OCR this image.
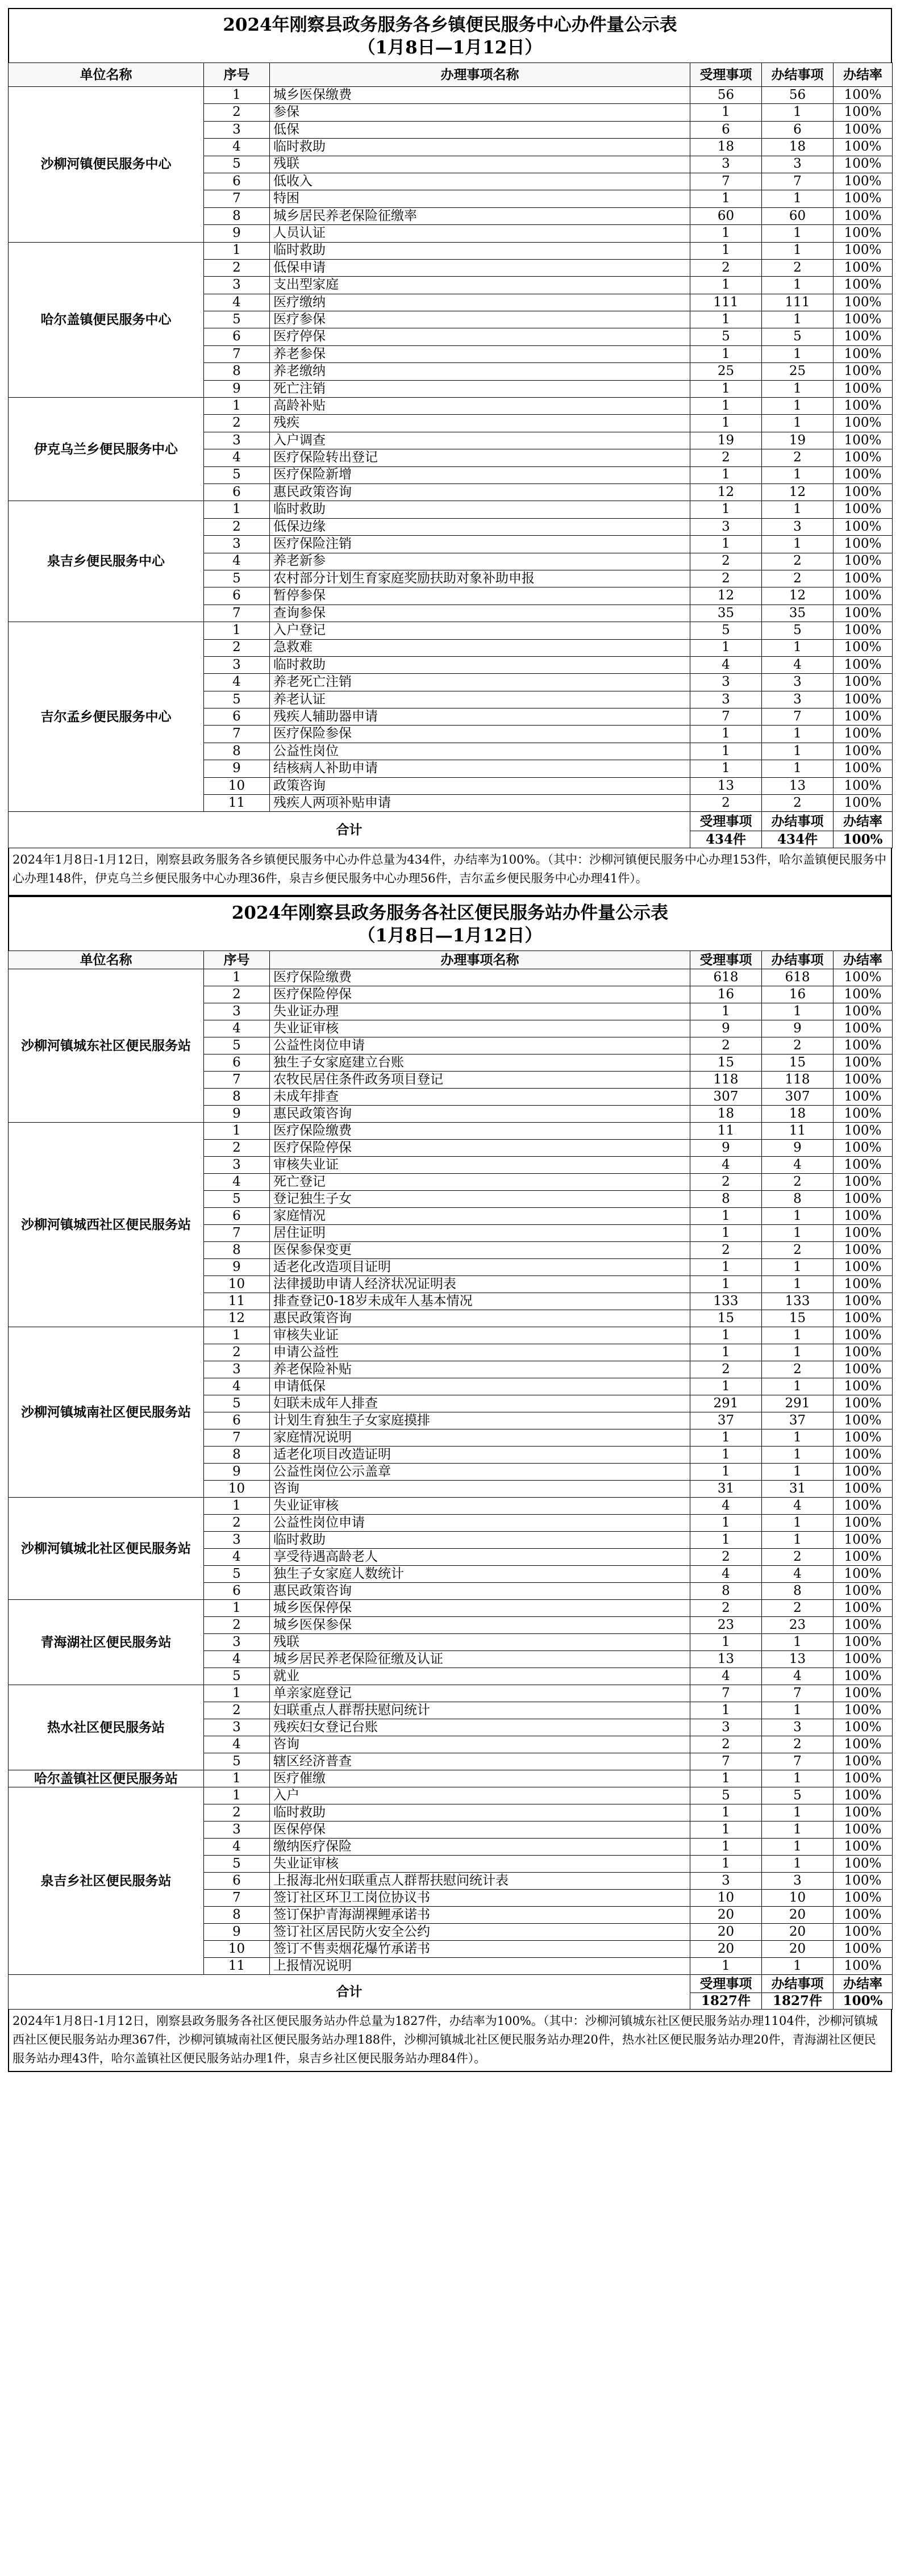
2024年刚察县政务服务各乡镇便民服务中心办件量公示表
（1月8日—1月12日）
单位名称	序号	办理事项名称	受理事项	办结事项	办结率
沙柳河镇便民服务中心	1	城乡医保缴费	56	56	100%
	2	参保	1	1	100%
	3	低保	6	6	100%
	4	临时救助	18	18	100%
	5	残联	3	3	100%
	6	低收入	7	7	100%
	7	特困	1	1	100%
	8	城乡居民养老保险征缴率	60	60	100%
	9	人员认证	1	1	100%
哈尔盖镇便民服务中心	1	临时救助	1	1	100%
	2	低保申请	2	2	100%
	3	支出型家庭	1	1	100%
	4	医疗缴纳	111	111	100%
	5	医疗参保	1	1	100%
	6	医疗停保	5	5	100%
	7	养老参保	1	1	100%
	8	养老缴纳	25	25	100%
	9	死亡注销	1	1	100%
伊克乌兰乡便民服务中心	1	高龄补贴	1	1	100%
	2	残疾	1	1	100%
	3	入户调查	19	19	100%
	4	医疗保险转出登记	2	2	100%
	5	医疗保险新增	1	1	100%
	6	惠民政策咨询	12	12	100%
泉吉乡便民服务中心	1	临时救助	1	1	100%
	2	低保边缘	3	3	100%
	3	医疗保险注销	1	1	100%
	4	养老新参	2	2	100%
	5	农村部分计划生育家庭奖励扶助对象补助申报	2	2	100%
	6	暂停参保	12	12	100%
	7	查询参保	35	35	100%
吉尔孟乡便民服务中心	1	入户登记	5	5	100%
	2	急救难	1	1	100%
	3	临时救助	4	4	100%
	4	养老死亡注销	3	3	100%
	5	养老认证	3	3	100%
	6	残疾人辅助器申请	7	7	100%
	7	医疗保险参保	1	1	100%
	8	公益性岗位	1	1	100%
	9	结核病人补助申请	1	1	100%
	10	政策咨询	13	13	100%
	11	残疾人两项补贴申请	2	2	100%
合计			受理事项	办结事项	办结率
			434件	434件	100%
2024年1月8日-1月12日，刚察县政务服务各乡镇便民服务中心办件总量为434件，办结率为100%。（其中：沙柳河镇便民服务中心办理153件，哈尔盖镇便民服务中心办理148件，伊克乌兰乡便民服务中心办理36件，泉吉乡便民服务中心办理56件，吉尔孟乡便民服务中心办理41件）。
2024年刚察县政务服务各社区便民服务站办件量公示表
（1月8日—1月12日）
单位名称	序号	办理事项名称	受理事项	办结事项	办结率
沙柳河镇城东社区便民服务站	1	医疗保险缴费	618	618	100%
	2	医疗保险停保	16	16	100%
	3	失业证办理	1	1	100%
	4	失业证审核	9	9	100%
	5	公益性岗位申请	2	2	100%
	6	独生子女家庭建立台账	15	15	100%
	7	农牧民居住条件政务项目登记	118	118	100%
	8	未成年排查	307	307	100%
	9	惠民政策咨询	18	18	100%
沙柳河镇城西社区便民服务站	1	医疗保险缴费	11	11	100%
	2	医疗保险停保	9	9	100%
	3	审核失业证	4	4	100%
	4	死亡登记	2	2	100%
	5	登记独生子女	8	8	100%
	6	家庭情况	1	1	100%
	7	居住证明	1	1	100%
	8	医保参保变更	2	2	100%
	9	适老化改造项目证明	1	1	100%
	10	法律援助申请人经济状况证明表	1	1	100%
	11	排查登记0-18岁未成年人基本情况	133	133	100%
	12	惠民政策咨询	15	15	100%
沙柳河镇城南社区便民服务站	1	审核失业证	1	1	100%
	2	申请公益性	1	1	100%
	3	养老保险补贴	2	2	100%
	4	申请低保	1	1	100%
	5	妇联未成年人排查	291	291	100%
	6	计划生育独生子女家庭摸排	37	37	100%
	7	家庭情况说明	1	1	100%
	8	适老化项目改造证明	1	1	100%
	9	公益性岗位公示盖章	1	1	100%
	10	咨询	31	31	100%
沙柳河镇城北社区便民服务站	1	失业证审核	4	4	100%
	2	公益性岗位申请	1	1	100%
	3	临时救助	1	1	100%
	4	享受待遇高龄老人	2	2	100%
	5	独生子女家庭人数统计	4	4	100%
	6	惠民政策咨询	8	8	100%
青海湖社区便民服务站	1	城乡医保停保	2	2	100%
	2	城乡医保参保	23	23	100%
	3	残联	1	1	100%
	4	城乡居民养老保险征缴及认证	13	13	100%
	5	就业	4	4	100%
热水社区便民服务站	1	单亲家庭登记	7	7	100%
	2	妇联重点人群帮扶慰问统计	1	1	100%
	3	残疾妇女登记台账	3	3	100%
	4	咨询	2	2	100%
	5	辖区经济普查	7	7	100%
哈尔盖镇社区便民服务站	1	医疗催缴	1	1	100%
泉吉乡社区便民服务站	1	入户	5	5	100%
	2	临时救助	1	1	100%
	3	医保停保	1	1	100%
	4	缴纳医疗保险	1	1	100%
	5	失业证审核	1	1	100%
	6	上报海北州妇联重点人群帮扶慰问统计表	3	3	100%
	7	签订社区环卫工岗位协议书	10	10	100%
	8	签订保护青海湖裸鲤承诺书	20	20	100%
	9	签订社区居民防火安全公约	20	20	100%
	10	签订不售卖烟花爆竹承诺书	20	20	100%
	11	上报情况说明	1	1	100%
合计			受理事项	办结事项	办结率
			1827件	1827件	100%
2024年1月8日-1月12日，刚察县政务服务各社区便民服务站办件总量为1827件，办结率为100%。（其中：沙柳河镇城东社区便民服务站办理1104件，沙柳河镇城西社区便民服务站办理367件，沙柳河镇城南社区便民服务站办理188件，沙柳河镇城北社区便民服务站办理20件，热水社区便民服务站办理20件，青海湖社区便民服务站办理43件，哈尔盖镇社区便民服务站办理1件，泉吉乡社区便民服务站办理84件）。
